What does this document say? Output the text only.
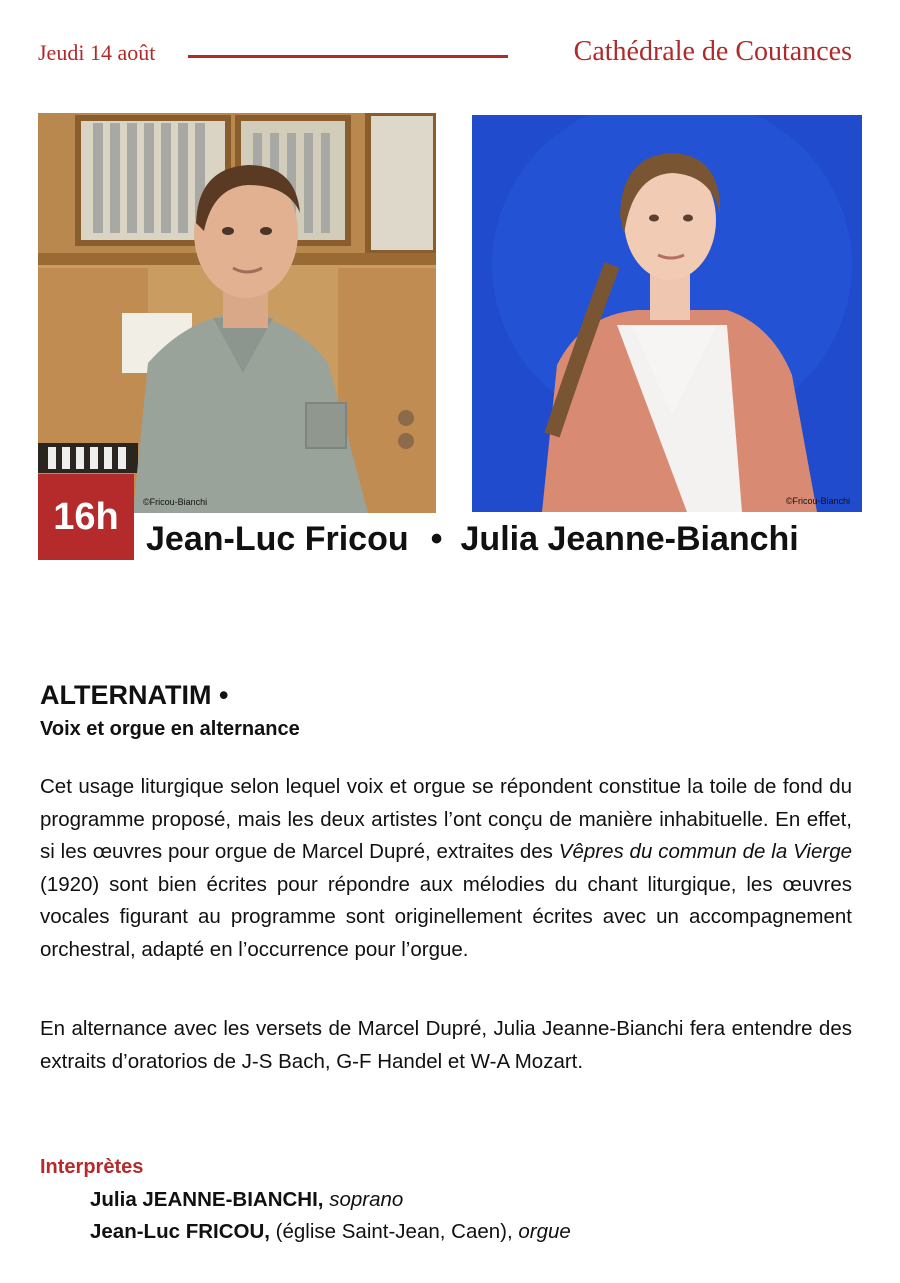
Jeudi 14 août	Cathédrale de Coutances
©Fricou-Bianchi	©Fricou-Bianchi
16h
Jean-Luc Fricou • Julia Jeanne-Bianchi
ALTERNATIM •
Voix et orgue en alternance

Cet usage liturgique selon lequel voix et orgue se répondent constitue la toile de fond du programme proposé, mais les deux artistes l’ont conçu de manière inhabituelle. En effet, si les œuvres pour orgue de Marcel Dupré, extraites des Vêpres du commun de la Vierge (1920) sont bien écrites pour répondre aux mélodies du chant liturgique, les œuvres vocales figurant au programme sont originellement écrites avec un accompagnement orchestral, adapté en l’occurrence pour l’orgue.

En alternance avec les versets de Marcel Dupré, Julia Jeanne-Bianchi fera entendre des extraits d’oratorios de J-S Bach, G-F Handel et W-A Mozart.

Interprètes
Julia JEANNE-BIANCHI, soprano
Jean-Luc FRICOU, (église Saint-Jean, Caen), orgue
